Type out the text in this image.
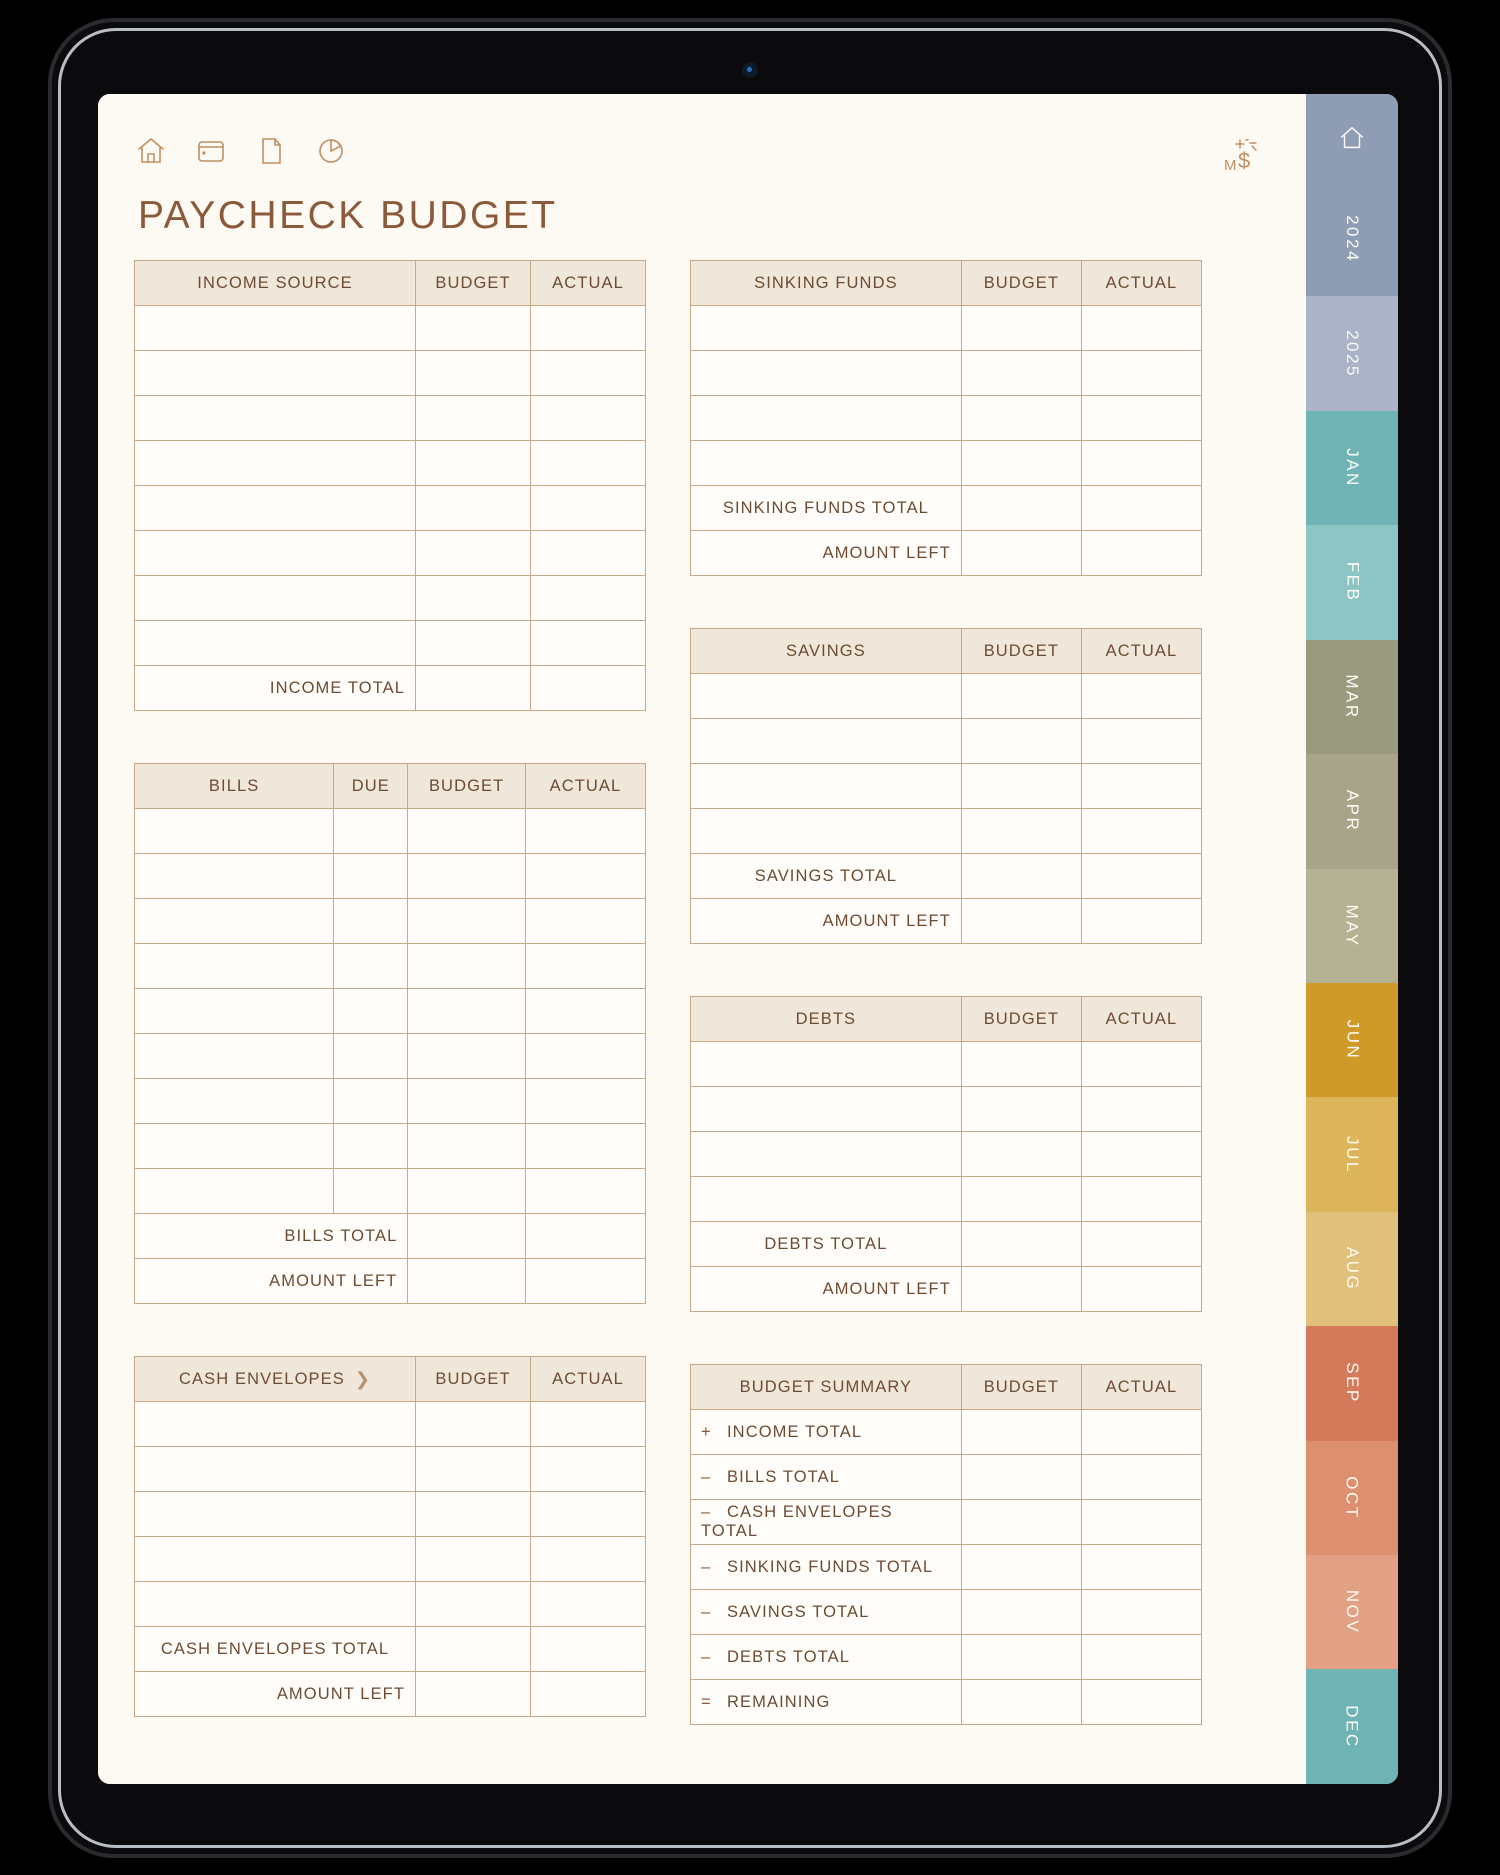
M $
PAYCHECK BUDGET
INCOME SOURCE	BUDGET	ACTUAL

INCOME TOTAL		
BILLS	DUE	BUDGET	ACTUAL

BILLS TOTAL			
AMOUNT LEFT			
CASH ENVELOPES ❯	BUDGET	ACTUAL

CASH ENVELOPES TOTAL		
AMOUNT LEFT		
SINKING FUNDS	BUDGET	ACTUAL

SINKING FUNDS TOTAL		
AMOUNT LEFT		
SAVINGS	BUDGET	ACTUAL

SAVINGS TOTAL		
AMOUNT LEFT		
DEBTS	BUDGET	ACTUAL

DEBTS TOTAL		
AMOUNT LEFT		
BUDGET SUMMARY	BUDGET	ACTUAL
+ INCOME TOTAL		
– BILLS TOTAL		
– CASH ENVELOPES TOTAL		
– SINKING FUNDS TOTAL		
– SAVINGS TOTAL		
– DEBTS TOTAL		
= REMAINING		
2024
2025
JAN
FEB
MAR
APR
MAY
JUN
JUL
AUG
SEP
OCT
NOV
DEC
